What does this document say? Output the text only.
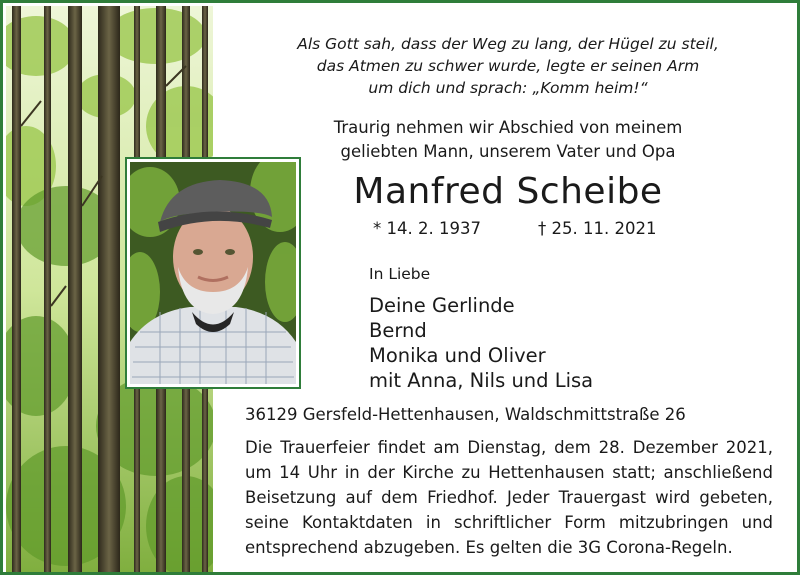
Als Gott sah, dass der Weg zu lang, der Hügel zu steil,
das Atmen zu schwer wurde, legte er seinen Arm
um dich und sprach: „Komm heim!“
Traurig nehmen wir Abschied von meinem
geliebten Mann, unserem Vater und Opa
Manfred Scheibe
* 14. 2. 1937	† 25. 11. 2021
In Liebe
Deine Gerlinde
Bernd
Monika und Oliver
mit Anna, Nils und Lisa
36129 Gersfeld-Hettenhausen, Waldschmittstraße 26
Die Trauerfeier findet am Dienstag, dem 28. Dezember 2021, um 14 Uhr in der Kirche zu Hettenhausen statt; anschließend Beisetzung auf dem Friedhof. Jeder Trauergast wird gebeten, seine Kontaktdaten in schriftlicher Form mitzubringen und entsprechend abzugeben. Es gelten die 3G Corona-Regeln.
